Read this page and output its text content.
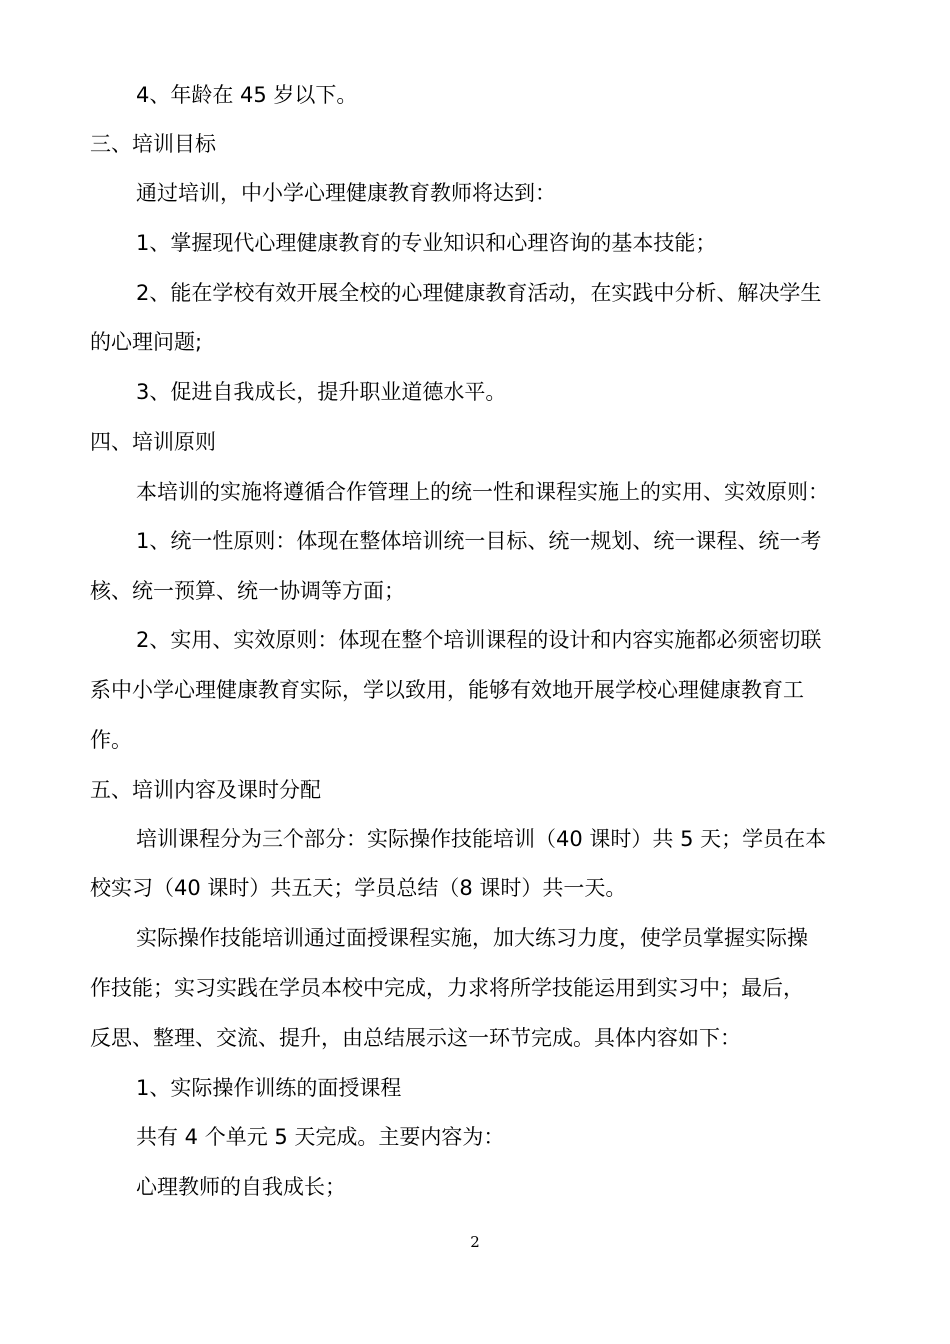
4、年龄在 45 岁以下。
三、培训目标
通过培训，中小学心理健康教育教师将达到：
1、掌握现代心理健康教育的专业知识和心理咨询的基本技能；
2、能在学校有效开展全校的心理健康教育活动，在实践中分析、解决学生
的心理问题;
3、促进自我成长，提升职业道德水平。
四、培训原则
本培训的实施将遵循合作管理上的统一性和课程实施上的实用、实效原则：
1、统一性原则：体现在整体培训统一目标、统一规划、统一课程、统一考
核、统一预算、统一协调等方面；
2、实用、实效原则：体现在整个培训课程的设计和内容实施都必须密切联
系中小学心理健康教育实际，学以致用，能够有效地开展学校心理健康教育工
作。
五、培训内容及课时分配
培训课程分为三个部分：实际操作技能培训（40 课时）共 5 天；学员在本
校实习（40 课时）共五天；学员总结（8 课时）共一天。
实际操作技能培训通过面授课程实施，加大练习力度，使学员掌握实际操
作技能；实习实践在学员本校中完成，力求将所学技能运用到实习中；最后，
反思、整理、交流、提升，由总结展示这一环节完成。具体内容如下：
1、实际操作训练的面授课程
共有 4 个单元 5 天完成。主要内容为：
心理教师的自我成长；
2
